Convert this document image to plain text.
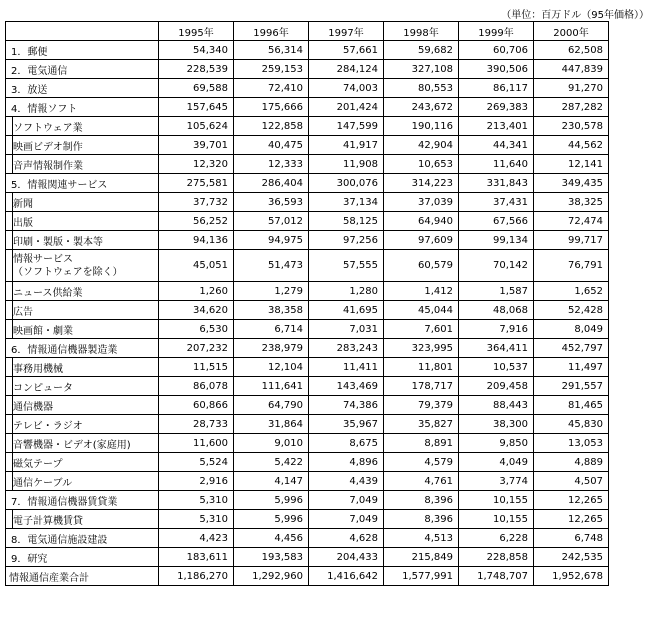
（単位：百万ドル（95年価格））
		1995年	1996年	1997年	1998年	1999年	2000年
1．郵便		54,340	56,314	57,661	59,682	60,706	62,508
2．電気通信		228,539	259,153	284,124	327,108	390,506	447,839
3．放送		69,588	72,410	74,003	80,553	86,117	91,270
4．情報ソフト		157,645	175,666	201,424	243,672	269,383	287,282
	ソフトウェア業	105,624	122,858	147,599	190,116	213,401	230,578
	映画ビデオ制作	39,701	40,475	41,917	42,904	44,341	44,562
	音声情報制作業	12,320	12,333	11,908	10,653	11,640	12,141
5．情報関連サービス		275,581	286,404	300,076	314,223	331,843	349,435
	新聞	37,732	36,593	37,134	37,039	37,431	38,325
	出版	56,252	57,012	58,125	64,940	67,566	72,474
	印刷・製版・製本等	94,136	94,975	97,256	97,609	99,134	99,717

	情報サービス
（ソフトウェアを除く）	45,051	51,473	57,555	60,579	70,142	76,791
	ニュース供給業	1,260	1,279	1,280	1,412	1,587	1,652
	広告	34,620	38,358	41,695	45,044	48,068	52,428
	映画館・劇業	6,530	6,714	7,031	7,601	7,916	8,049
6．情報通信機器製造業		207,232	238,979	283,243	323,995	364,411	452,797
	事務用機械	11,515	12,104	11,411	11,801	10,537	11,497
	コンピュータ	86,078	111,641	143,469	178,717	209,458	291,557
	通信機器	60,866	64,790	74,386	79,379	88,443	81,465
	テレビ・ラジオ	28,733	31,864	35,967	35,827	38,300	45,830
	音響機器・ビデオ(家庭用)	11,600	9,010	8,675	8,891	9,850	13,053
	磁気テープ	5,524	5,422	4,896	4,579	4,049	4,889
	通信ケーブル	2,916	4,147	4,439	4,761	3,774	4,507
7．情報通信機器賃貸業		5,310	5,996	7,049	8,396	10,155	12,265
	電子計算機賃貸	5,310	5,996	7,049	8,396	10,155	12,265
8．電気通信施設建設		4,423	4,456	4,628	4,513	6,228	6,748
9．研究		183,611	193,583	204,433	215,849	228,858	242,535
情報通信産業合計		1,186,270	1,292,960	1,416,642	1,577,991	1,748,707	1,952,678
